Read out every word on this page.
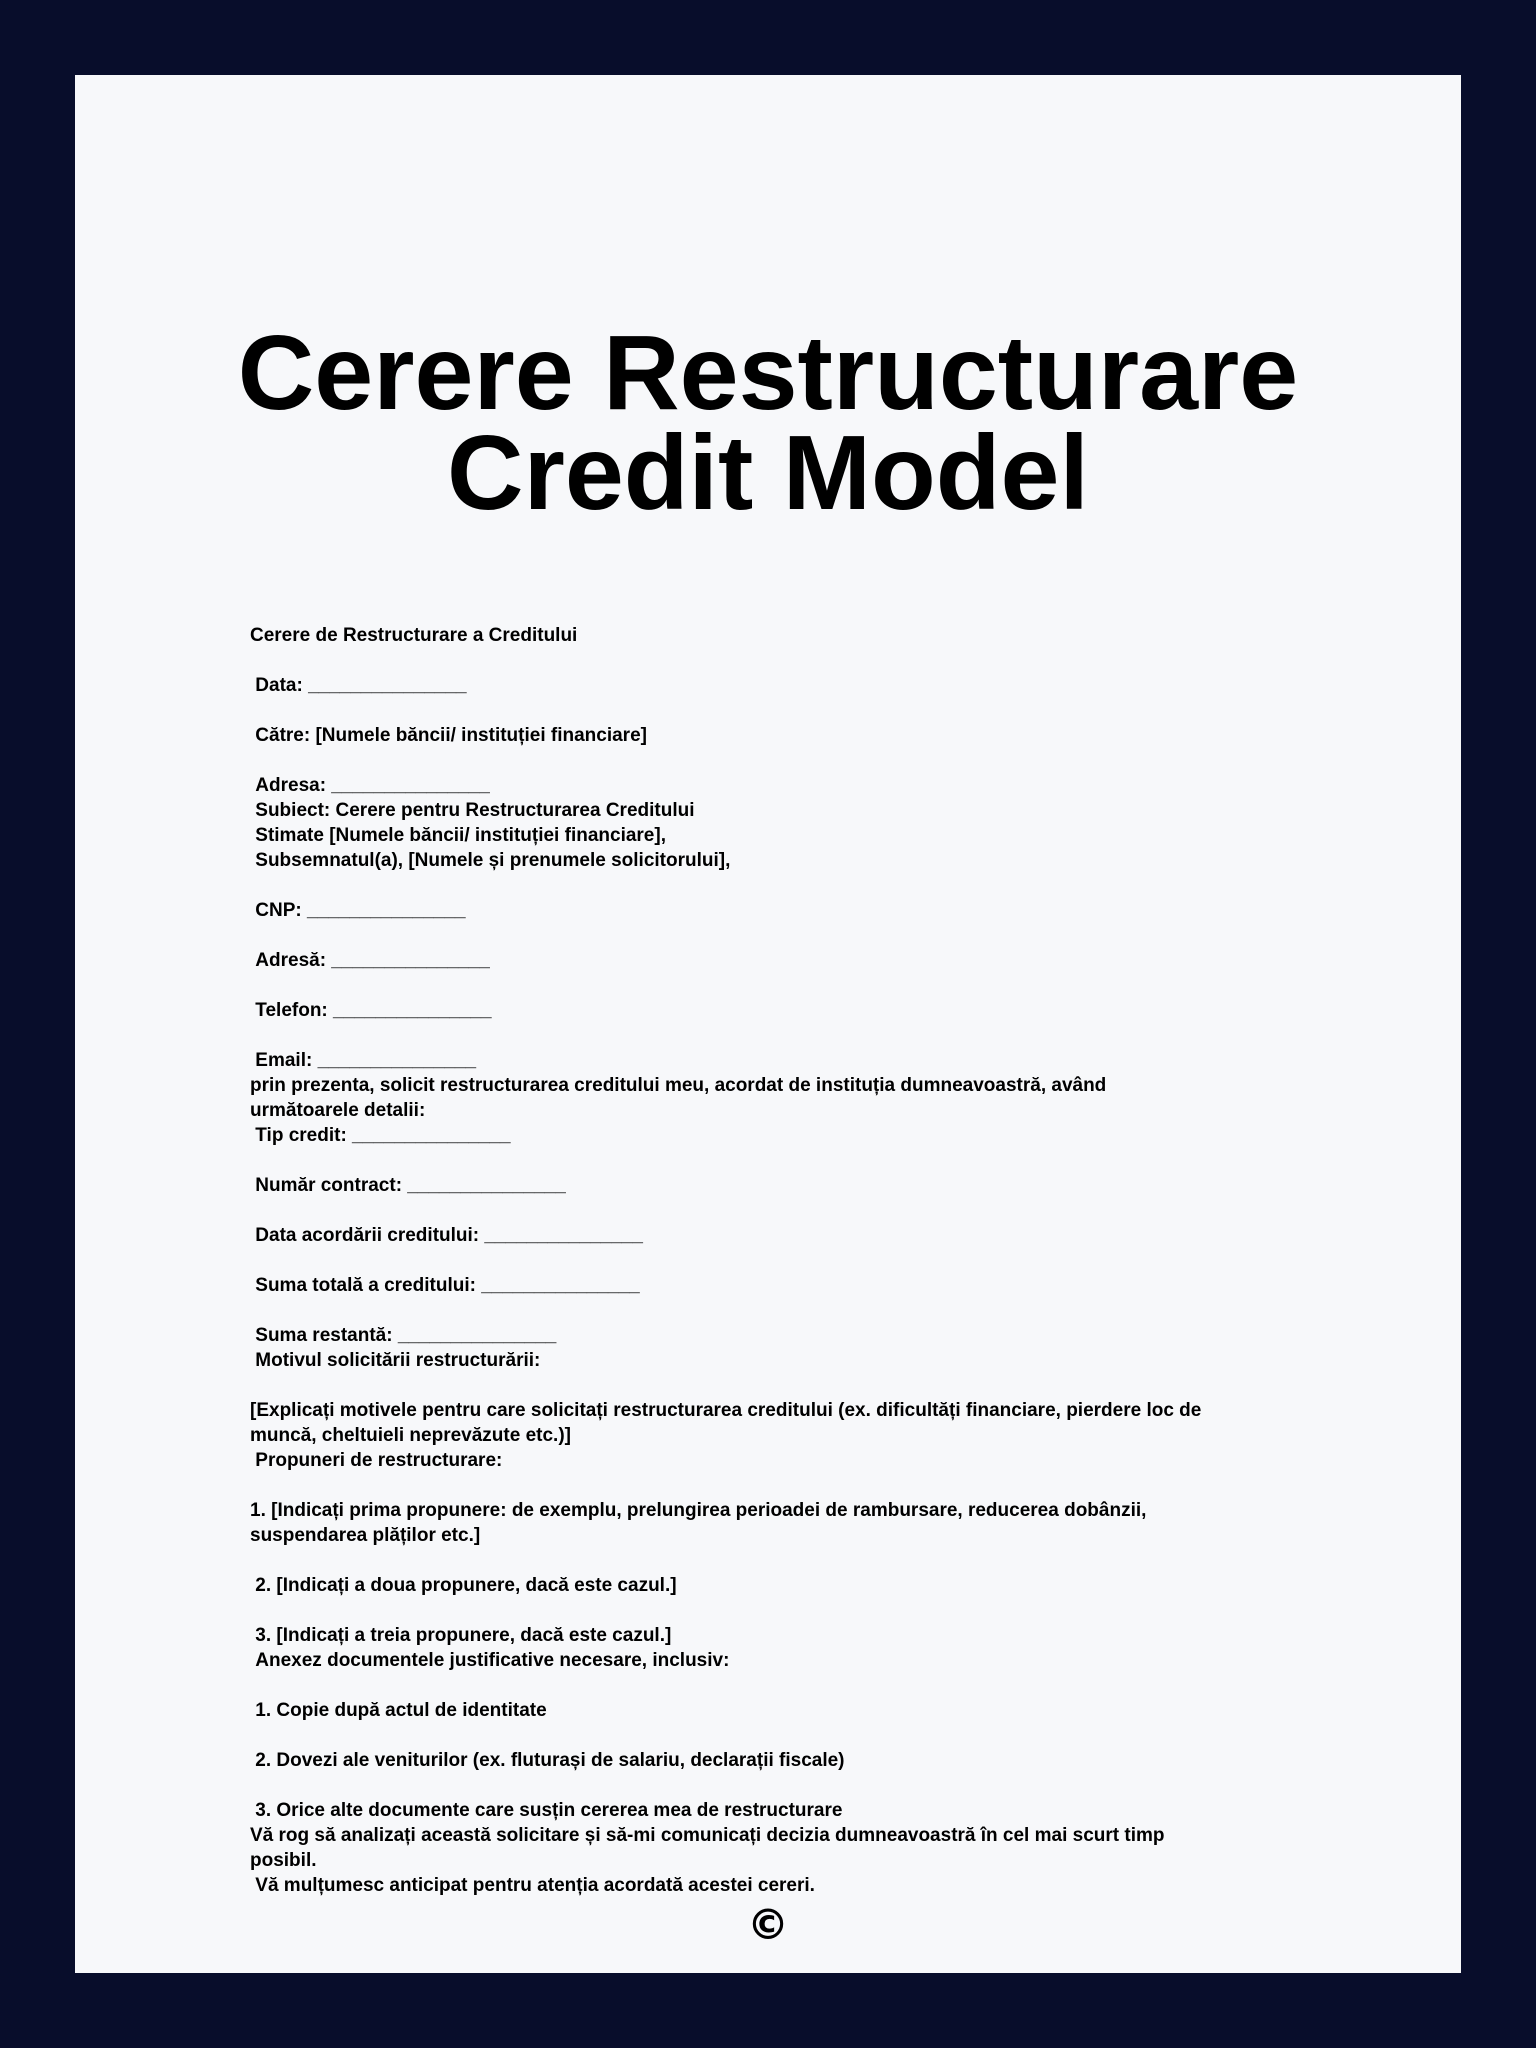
Cerere Restructurare Credit Model
Cerere de Restructurare a Creditului

Data: _______________

Către: [Numele băncii/ instituției financiare]

Adresa: _______________
Subiect: Cerere pentru Restructurarea Creditului
Stimate [Numele băncii/ instituției financiare],
Subsemnatul(a), [Numele și prenumele solicitorului],

CNP: _______________

Adresă: _______________

Telefon: _______________

Email: _______________
prin prezenta, solicit restructurarea creditului meu, acordat de instituția dumneavoastră, având
următoarele detalii:
Tip credit: _______________

Număr contract: _______________

Data acordării creditului: _______________

Suma totală a creditului: _______________

Suma restantă: _______________
Motivul solicitării restructurării:

[Explicați motivele pentru care solicitați restructurarea creditului (ex. dificultăți financiare, pierdere loc de
muncă, cheltuieli neprevăzute etc.)]
Propuneri de restructurare:

1. [Indicați prima propunere: de exemplu, prelungirea perioadei de rambursare, reducerea dobânzii,
suspendarea plăților etc.]

2. [Indicați a doua propunere, dacă este cazul.]

3. [Indicați a treia propunere, dacă este cazul.]
Anexez documentele justificative necesare, inclusiv:

1. Copie după actul de identitate

2. Dovezi ale veniturilor (ex. fluturași de salariu, declarații fiscale)

3. Orice alte documente care susțin cererea mea de restructurare
Vă rog să analizați această solicitare și să-mi comunicați decizia dumneavoastră în cel mai scurt timp
posibil.
Vă mulțumesc anticipat pentru atenția acordată acestei cereri.
©
